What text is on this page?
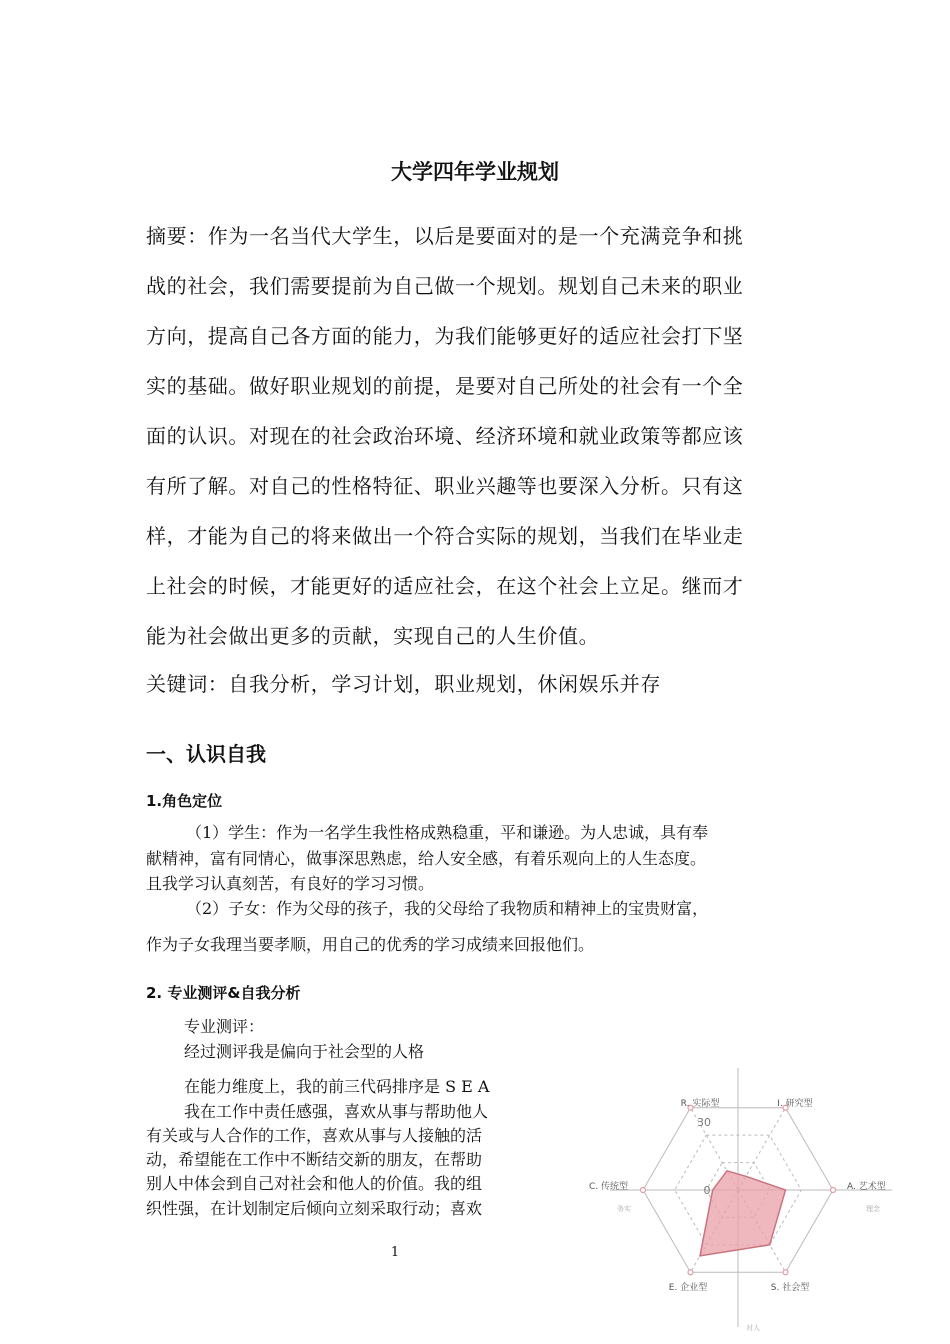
大学四年学业规划
摘要：作为一名当代大学生，以后是要面对的是一个充满竞争和挑
战的社会，我们需要提前为自己做一个规划。规划自己未来的职业
方向，提高自己各方面的能力，为我们能够更好的适应社会打下坚
实的基础。做好职业规划的前提，是要对自己所处的社会有一个全
面的认识。对现在的社会政治环境、经济环境和就业政策等都应该
有所了解。对自己的性格特征、职业兴趣等也要深入分析。只有这
样，才能为自己的将来做出一个符合实际的规划，当我们在毕业走
上社会的时候，才能更好的适应社会，在这个社会上立足。继而才
能为社会做出更多的贡献，实现自己的人生价值。
关键词：自我分析，学习计划，职业规划，休闲娱乐并存
一、认识自我
1.角色定位
（1）学生：作为一名学生我性格成熟稳重，平和谦逊。为人忠诚，具有奉
献精神，富有同情心，做事深思熟虑，给人安全感，有着乐观向上的人生态度。
且我学习认真刻苦，有良好的学习习惯。
（2）子女：作为父母的孩子，我的父母给了我物质和精神上的宝贵财富，
作为子女我理当要孝顺，用自己的优秀的学习成绩来回报他们。
2. 专业测评&自我分析
专业测评：
经过测评我是偏向于社会型的人格
在能力维度上，我的前三代码排序是 S E A
我在工作中责任感强，喜欢从事与帮助他人
有关或与人合作的工作，喜欢从事与人接触的活
动，希望能在工作中不断结交新的朋友，在帮助
别人中体会到自己对社会和他人的价值。我的组
织性强，在计划制定后倾向立刻采取行动；喜欢
1
R. 实际型	I. 研究型
A. 艺术型
S. 社会型
E. 企业型
C. 传统型
30
0
务实	理念
对人
